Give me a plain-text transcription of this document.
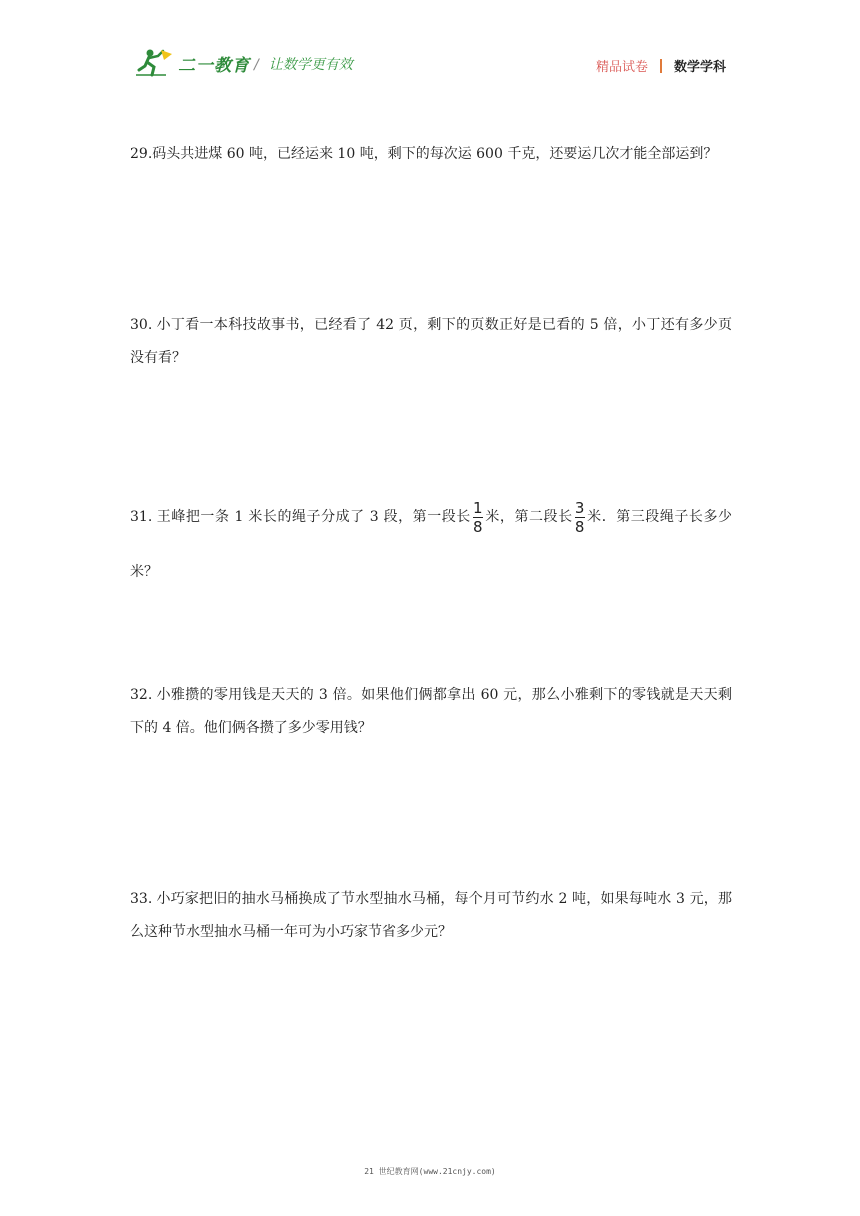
二一教育 / 让数学更有效	精品试卷 数学学科
29.码头共进煤 60 吨，已经运来 10 吨，剩下的每次运 600 千克，还要运几次才能全部运到？
30. 小丁看一本科技故事书，已经看了 42 页，剩下的页数正好是已看的 5 倍，小丁还有多少页没有看？
31. 王峰把一条 1 米长的绳子分成了 3 段，第一段长 $\frac{1}{8}$ 米，第二段长 $\frac{3}{8}$ 米．第三段绳子长多少米？
32. 小雅攒的零用钱是天天的 3 倍。如果他们俩都拿出 60 元，那么小雅剩下的零钱就是天天剩下的 4 倍。他们俩各攒了多少零用钱？
33. 小巧家把旧的抽水马桶换成了节水型抽水马桶，每个月可节约水 2 吨，如果每吨水 3 元，那么这种节水型抽水马桶一年可为小巧家节省多少元？
21 世纪教育网(www.21cnjy.com)
